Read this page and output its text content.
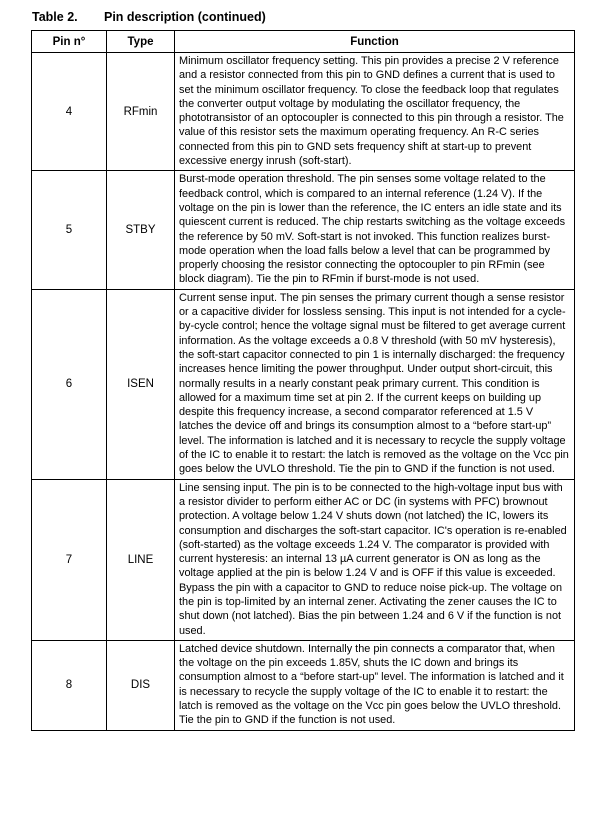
Table 2. Pin description (continued)
Pin n°	Type	Function
4	RFmin	Minimum oscillator frequency setting. This pin provides a precise 2 V reference and a resistor connected from this pin to GND defines a current that is used to set the minimum oscillator frequency. To close the feedback loop that regulates the converter output voltage by modulating the oscillator frequency, the phototransistor of an optocoupler is connected to this pin through a resistor. The value of this resistor sets the maximum operating frequency. An R-C series connected from this pin to GND sets frequency shift at start-up to prevent excessive energy inrush (soft-start).
5	STBY	Burst-mode operation threshold. The pin senses some voltage related to the feedback control, which is compared to an internal reference (1.24 V). If the voltage on the pin is lower than the reference, the IC enters an idle state and its quiescent current is reduced. The chip restarts switching as the voltage exceeds the reference by 50 mV. Soft-start is not invoked. This function realizes burst-mode operation when the load falls below a level that can be programmed by properly choosing the resistor connecting the optocoupler to pin RFmin (see block diagram). Tie the pin to RFmin if burst-mode is not used.
6	ISEN	Current sense input. The pin senses the primary current though a sense resistor or a capacitive divider for lossless sensing. This input is not intended for a cycle-by-cycle control; hence the voltage signal must be filtered to get average current information. As the voltage exceeds a 0.8 V threshold (with 50 mV hysteresis), the soft-start capacitor connected to pin 1 is internally discharged: the frequency increases hence limiting the power throughput. Under output short-circuit, this normally results in a nearly constant peak primary current. This condition is allowed for a maximum time set at pin 2. If the current keeps on building up despite this frequency increase, a second comparator referenced at 1.5 V latches the device off and brings its consumption almost to a “before start-up” level. The information is latched and it is necessary to recycle the supply voltage of the IC to enable it to restart: the latch is removed as the voltage on the Vcc pin goes below the UVLO threshold. Tie the pin to GND if the function is not used.
7	LINE	Line sensing input. The pin is to be connected to the high-voltage input bus with a resistor divider to perform either AC or DC (in systems with PFC) brownout protection. A voltage below 1.24 V shuts down (not latched) the IC, lowers its consumption and discharges the soft-start capacitor. IC's operation is re-enabled (soft-started) as the voltage exceeds 1.24 V. The comparator is provided with current hysteresis: an internal 13 µA current generator is ON as long as the voltage applied at the pin is below 1.24 V and is OFF if this value is exceeded. Bypass the pin with a capacitor to GND to reduce noise pick-up. The voltage on the pin is top-limited by an internal zener. Activating the zener causes the IC to shut down (not latched). Bias the pin between 1.24 and 6 V if the function is not used.
8	DIS	Latched device shutdown. Internally the pin connects a comparator that, when the voltage on the pin exceeds 1.85V, shuts the IC down and brings its consumption almost to a “before start-up” level. The information is latched and it is necessary to recycle the supply voltage of the IC to enable it to restart: the latch is removed as the voltage on the Vcc pin goes below the UVLO threshold. Tie the pin to GND if the function is not used.
